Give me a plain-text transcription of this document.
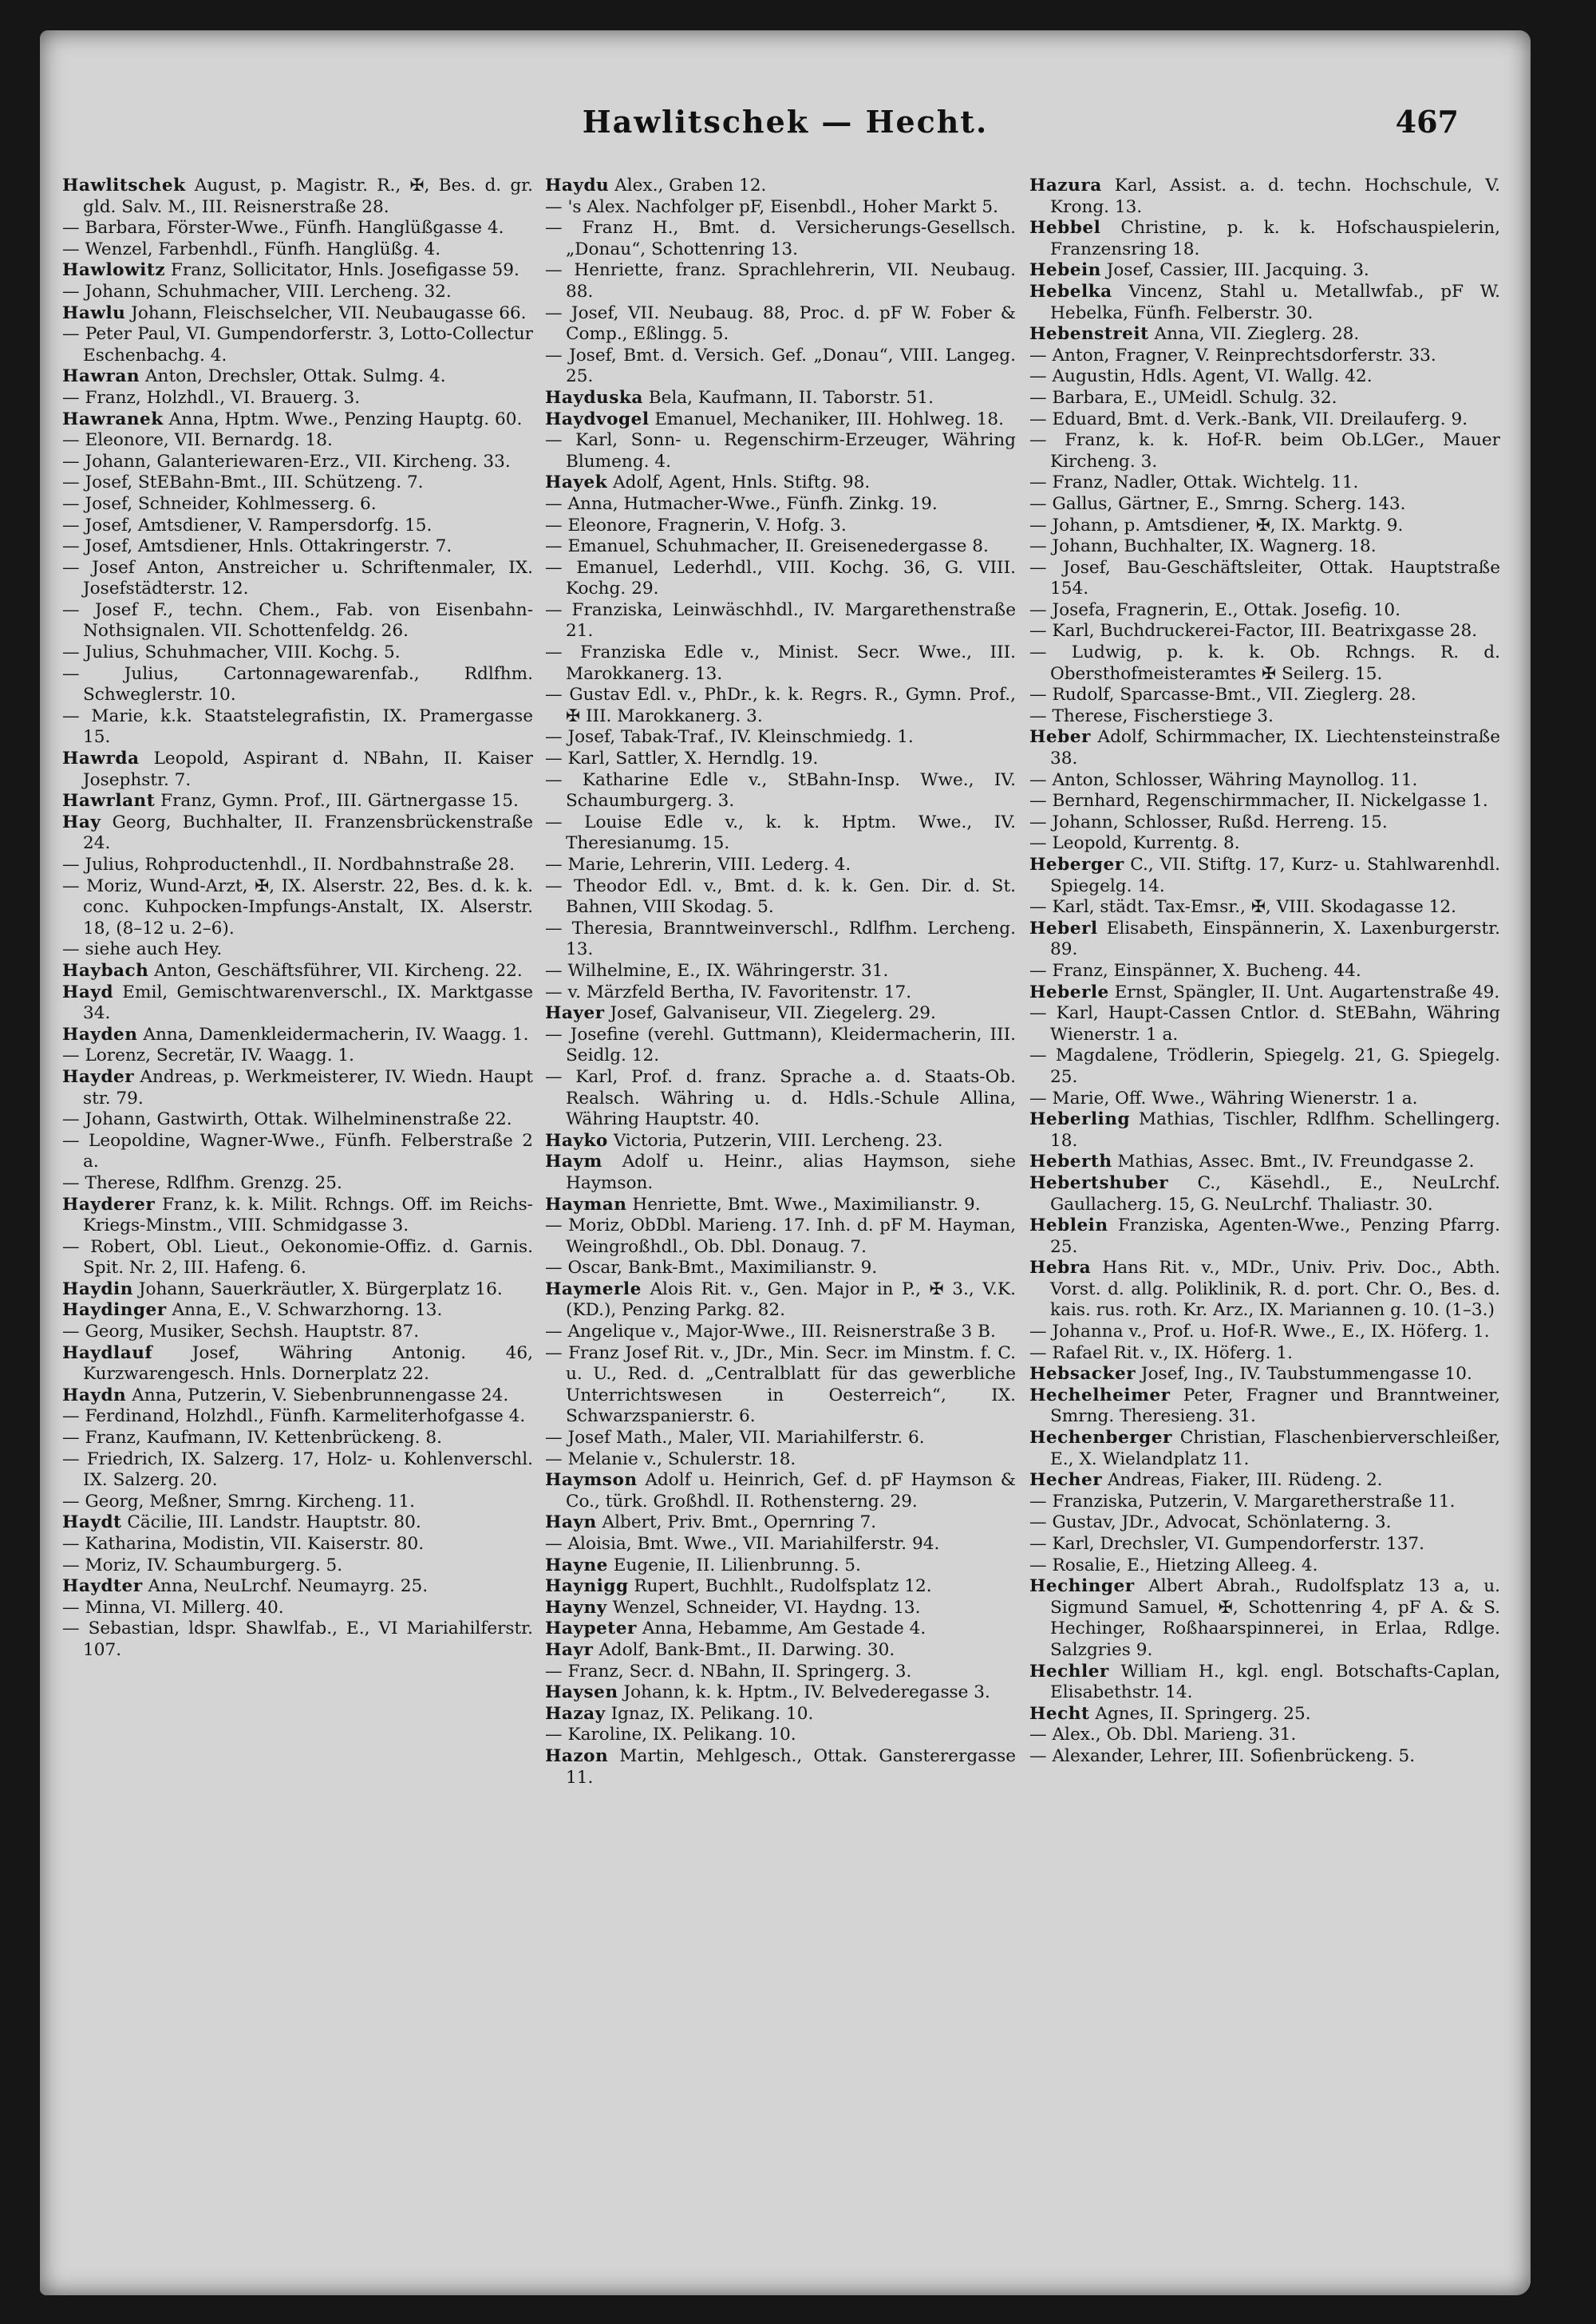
Hawlitschek — Hecht.	467

Hawlitschek August, p. Magistr. R., ✠, Bes. d. gr. gld. Salv. M., III. Reisnerstraße 28.

— Barbara, Förster-Wwe., Fünfh. Hanglüßgasse 4.

— Wenzel, Farbenhdl., Fünfh. Hanglüßg. 4.

Hawlowitz Franz, Sollicitator, Hnls. Josefigasse 59.

— Johann, Schuhmacher, VIII. Lercheng. 32.

Hawlu Johann, Fleischselcher, VII. Neubaugasse 66.

— Peter Paul, VI. Gumpendorferstr. 3, Lotto-Collectur Eschenbachg. 4.

Hawran Anton, Drechsler, Ottak. Sulmg. 4.

— Franz, Holzhdl., VI. Brauerg. 3.

Hawranek Anna, Hptm. Wwe., Penzing Hauptg. 60.

— Eleonore, VII. Bernardg. 18.

— Johann, Galanteriewaren-Erz., VII. Kircheng. 33.

— Josef, StEBahn-Bmt., III. Schützeng. 7.

— Josef, Schneider, Kohlmesserg. 6.

— Josef, Amtsdiener, V. Rampersdorfg. 15.

— Josef, Amtsdiener, Hnls. Ottakringerstr. 7.

— Josef Anton, Anstreicher u. Schriftenmaler, IX. Josefstädterstr. 12.

— Josef F., techn. Chem., Fab. von Eisenbahn-Nothsignalen. VII. Schottenfeldg. 26.

— Julius, Schuhmacher, VIII. Kochg. 5.

— Julius, Cartonnagewarenfab., Rdlfhm. Schweglerstr. 10.

— Marie, k.k. Staatstelegrafistin, IX. Pramergasse 15.

Hawrda Leopold, Aspirant d. NBahn, II. Kaiser Josephstr. 7.

Hawrlant Franz, Gymn. Prof., III. Gärtnergasse 15.

Hay Georg, Buchhalter, II. Franzensbrückenstraße 24.

— Julius, Rohproductenhdl., II. Nordbahnstraße 28.

— Moriz, Wund-Arzt, ✠, IX. Alserstr. 22, Bes. d. k. k. conc. Kuhpocken-Impfungs-Anstalt, IX. Alserstr. 18, (8–12 u. 2–6).

— siehe auch Hey.

Haybach Anton, Geschäftsführer, VII. Kircheng. 22.

Hayd Emil, Gemischtwarenverschl., IX. Marktgasse 34.

Hayden Anna, Damenkleidermacherin, IV. Waagg. 1.

— Lorenz, Secretär, IV. Waagg. 1.

Hayder Andreas, p. Werkmeisterer, IV. Wiedn. Haupt str. 79.

— Johann, Gastwirth, Ottak. Wilhelminenstraße 22.

— Leopoldine, Wagner-Wwe., Fünfh. Felberstraße 2 a.

— Therese, Rdlfhm. Grenzg. 25.

Hayderer Franz, k. k. Milit. Rchngs. Off. im Reichs-Kriegs-Minstm., VIII. Schmidgasse 3.

— Robert, Obl. Lieut., Oekonomie-Offiz. d. Garnis. Spit. Nr. 2, III. Hafeng. 6.

Haydin Johann, Sauerkräutler, X. Bürgerplatz 16.

Haydinger Anna, E., V. Schwarzhorng. 13.

— Georg, Musiker, Sechsh. Hauptstr. 87.

Haydlauf Josef, Währing Antonig. 46, Kurzwarengesch. Hnls. Dornerplatz 22.

Haydn Anna, Putzerin, V. Siebenbrunnengasse 24.

— Ferdinand, Holzhdl., Fünfh. Karmeliterhofgasse 4.

— Franz, Kaufmann, IV. Kettenbrückeng. 8.

— Friedrich, IX. Salzerg. 17, Holz- u. Kohlenverschl. IX. Salzerg. 20.

— Georg, Meßner, Smrng. Kircheng. 11.

Haydt Cäcilie, III. Landstr. Hauptstr. 80.

— Katharina, Modistin, VII. Kaiserstr. 80.

— Moriz, IV. Schaumburgerg. 5.

Haydter Anna, NeuLrchf. Neumayrg. 25.

— Minna, VI. Millerg. 40.

— Sebastian, ldspr. Shawlfab., E., VI Mariahilferstr. 107.

Haydu Alex., Graben 12.

— 's Alex. Nachfolger pF, Eisenbdl., Hoher Markt 5.

— Franz H., Bmt. d. Versicherungs-Gesellsch. „Donau“, Schottenring 13.

— Henriette, franz. Sprachlehrerin, VII. Neubaug. 88.

— Josef, VII. Neubaug. 88, Proc. d. pF W. Fober & Comp., Eßlingg. 5.

— Josef, Bmt. d. Versich. Gef. „Donau“, VIII. Langeg. 25.

Hayduska Bela, Kaufmann, II. Taborstr. 51.

Haydvogel Emanuel, Mechaniker, III. Hohlweg. 18.

— Karl, Sonn- u. Regenschirm-Erzeuger, Währing Blumeng. 4.

Hayek Adolf, Agent, Hnls. Stiftg. 98.

— Anna, Hutmacher-Wwe., Fünfh. Zinkg. 19.

— Eleonore, Fragnerin, V. Hofg. 3.

— Emanuel, Schuhmacher, II. Greisenedergasse 8.

— Emanuel, Lederhdl., VIII. Kochg. 36, G. VIII. Kochg. 29.

— Franziska, Leinwäschhdl., IV. Margarethenstraße 21.

— Franziska Edle v., Minist. Secr. Wwe., III. Marokkanerg. 13.

— Gustav Edl. v., PhDr., k. k. Regrs. R., Gymn. Prof., ✠ III. Marokkanerg. 3.

— Josef, Tabak-Traf., IV. Kleinschmiedg. 1.

— Karl, Sattler, X. Herndlg. 19.

— Katharine Edle v., StBahn-Insp. Wwe., IV. Schaumburgerg. 3.

— Louise Edle v., k. k. Hptm. Wwe., IV. Theresianumg. 15.

— Marie, Lehrerin, VIII. Lederg. 4.

— Theodor Edl. v., Bmt. d. k. k. Gen. Dir. d. St. Bahnen, VIII Skodag. 5.

— Theresia, Branntweinverschl., Rdlfhm. Lercheng. 13.

— Wilhelmine, E., IX. Währingerstr. 31.

— v. Märzfeld Bertha, IV. Favoritenstr. 17.

Hayer Josef, Galvaniseur, VII. Ziegelerg. 29.

— Josefine (verehl. Guttmann), Kleidermacherin, III. Seidlg. 12.

— Karl, Prof. d. franz. Sprache a. d. Staats-Ob. Realsch. Währing u. d. Hdls.-Schule Allina, Währing Hauptstr. 40.

Hayko Victoria, Putzerin, VIII. Lercheng. 23.

Haym Adolf u. Heinr., alias Haymson, siehe Haymson.

Hayman Henriette, Bmt. Wwe., Maximilianstr. 9.

— Moriz, ObDbl. Marieng. 17. Inh. d. pF M. Hayman, Weingroßhdl., Ob. Dbl. Donaug. 7.

— Oscar, Bank-Bmt., Maximilianstr. 9.

Haymerle Alois Rit. v., Gen. Major in P., ✠ 3., V.K. (KD.), Penzing Parkg. 82.

— Angelique v., Major-Wwe., III. Reisnerstraße 3 B.

— Franz Josef Rit. v., JDr., Min. Secr. im Minstm. f. C. u. U., Red. d. „Centralblatt für das gewerbliche Unterrichtswesen in Oesterreich“, IX. Schwarzspanierstr. 6.

— Josef Math., Maler, VII. Mariahilferstr. 6.

— Melanie v., Schulerstr. 18.

Haymson Adolf u. Heinrich, Gef. d. pF Haymson & Co., türk. Großhdl. II. Rothensterng. 29.

Hayn Albert, Priv. Bmt., Opernring 7.

— Aloisia, Bmt. Wwe., VII. Mariahilferstr. 94.

Hayne Eugenie, II. Lilienbrunng. 5.

Haynigg Rupert, Buchhlt., Rudolfsplatz 12.

Hayny Wenzel, Schneider, VI. Haydng. 13.

Haypeter Anna, Hebamme, Am Gestade 4.

Hayr Adolf, Bank-Bmt., II. Darwing. 30.

— Franz, Secr. d. NBahn, II. Springerg. 3.

Haysen Johann, k. k. Hptm., IV. Belvederegasse 3.

Hazay Ignaz, IX. Pelikang. 10.

— Karoline, IX. Pelikang. 10.

Hazon Martin, Mehlgesch., Ottak. Gansterergasse 11.

Hazura Karl, Assist. a. d. techn. Hochschule, V. Krong. 13.

Hebbel Christine, p. k. k. Hofschauspielerin, Franzensring 18.

Hebein Josef, Cassier, III. Jacquing. 3.

Hebelka Vincenz, Stahl u. Metallwfab., pF W. Hebelka, Fünfh. Felberstr. 30.

Hebenstreit Anna, VII. Zieglerg. 28.

— Anton, Fragner, V. Reinprechtsdorferstr. 33.

— Augustin, Hdls. Agent, VI. Wallg. 42.

— Barbara, E., UMeidl. Schulg. 32.

— Eduard, Bmt. d. Verk.-Bank, VII. Dreilauferg. 9.

— Franz, k. k. Hof-R. beim Ob.LGer., Mauer Kircheng. 3.

— Franz, Nadler, Ottak. Wichtelg. 11.

— Gallus, Gärtner, E., Smrng. Scherg. 143.

— Johann, p. Amtsdiener, ✠, IX. Marktg. 9.

— Johann, Buchhalter, IX. Wagnerg. 18.

— Josef, Bau-Geschäftsleiter, Ottak. Hauptstraße 154.

— Josefa, Fragnerin, E., Ottak. Josefig. 10.

— Karl, Buchdruckerei-Factor, III. Beatrixgasse 28.

— Ludwig, p. k. k. Ob. Rchngs. R. d. Obersthofmeisteramtes ✠ Seilerg. 15.

— Rudolf, Sparcasse-Bmt., VII. Zieglerg. 28.

— Therese, Fischerstiege 3.

Heber Adolf, Schirmmacher, IX. Liechtensteinstraße 38.

— Anton, Schlosser, Währing Maynollog. 11.

— Bernhard, Regenschirmmacher, II. Nickelgasse 1.

— Johann, Schlosser, Rußd. Herreng. 15.

— Leopold, Kurrentg. 8.

Heberger C., VII. Stiftg. 17, Kurz- u. Stahlwarenhdl. Spiegelg. 14.

— Karl, städt. Tax-Emsr., ✠, VIII. Skodagasse 12.

Heberl Elisabeth, Einspännerin, X. Laxenburgerstr. 89.

— Franz, Einspänner, X. Bucheng. 44.

Heberle Ernst, Spängler, II. Unt. Augartenstraße 49.

— Karl, Haupt-Cassen Cntlor. d. StEBahn, Währing Wienerstr. 1 a.

— Magdalene, Trödlerin, Spiegelg. 21, G. Spiegelg. 25.

— Marie, Off. Wwe., Währing Wienerstr. 1 a.

Heberling Mathias, Tischler, Rdlfhm. Schellingerg. 18.

Heberth Mathias, Assec. Bmt., IV. Freundgasse 2.

Hebertshuber C., Käsehdl., E., NeuLrchf. Gaullacherg. 15, G. NeuLrchf. Thaliastr. 30.

Heblein Franziska, Agenten-Wwe., Penzing Pfarrg. 25.

Hebra Hans Rit. v., MDr., Univ. Priv. Doc., Abth. Vorst. d. allg. Poliklinik, R. d. port. Chr. O., Bes. d. kais. rus. roth. Kr. Arz., IX. Mariannen g. 10. (1–3.)

— Johanna v., Prof. u. Hof-R. Wwe., E., IX. Höferg. 1.

— Rafael Rit. v., IX. Höferg. 1.

Hebsacker Josef, Ing., IV. Taubstummengasse 10.

Hechelheimer Peter, Fragner und Branntweiner, Smrng. Theresieng. 31.

Hechenberger Christian, Flaschenbierverschleißer, E., X. Wielandplatz 11.

Hecher Andreas, Fiaker, III. Rüdeng. 2.

— Franziska, Putzerin, V. Margaretherstraße 11.

— Gustav, JDr., Advocat, Schönlaterng. 3.

— Karl, Drechsler, VI. Gumpendorferstr. 137.

— Rosalie, E., Hietzing Alleeg. 4.

Hechinger Albert Abrah., Rudolfsplatz 13 a, u. Sigmund Samuel, ✠, Schottenring 4, pF A. & S. Hechinger, Roßhaarspinnerei, in Erlaa, Rdlge. Salzgries 9.

Hechler William H., kgl. engl. Botschafts-Caplan, Elisabethstr. 14.

Hecht Agnes, II. Springerg. 25.

— Alex., Ob. Dbl. Marieng. 31.

— Alexander, Lehrer, III. Sofienbrückeng. 5.
